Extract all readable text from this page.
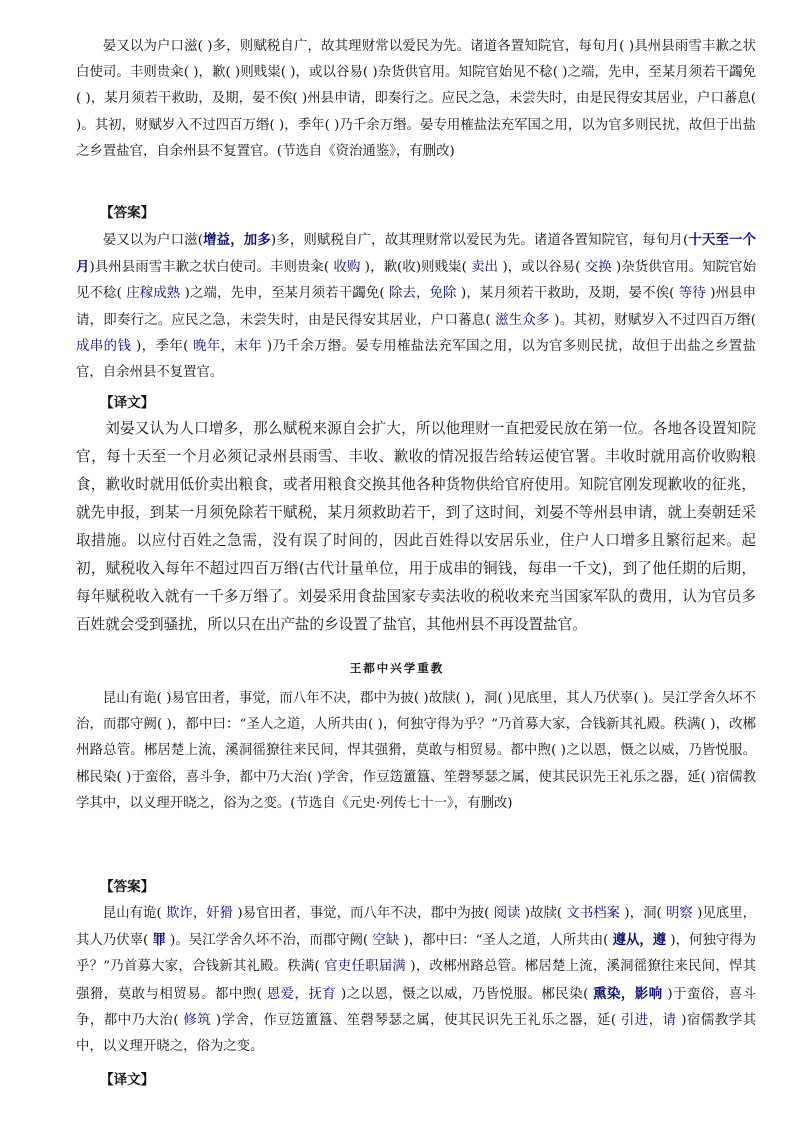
晏又以为户口滋( )多，则赋税自广，故其理财常以爱民为先。诸道各置知院官，每旬月( )具州县雨雪丰歉之状白使司。丰则贵籴( )，歉( )则贱粜( )，或以谷易( )杂货供官用。知院官始见不稔( )之端，先申，至某月须若干蠲免( )，某月须若干救助，及期，晏不俟( )州县申请，即奏行之。应民之急，未尝失时，由是民得安其居业，户口蕃息( )。其初，财赋岁入不过四百万缗( )，季年( )乃千余万缗。晏专用榷盐法充军国之用，以为官多则民扰，故但于出盐之乡置盐官，自余州县不复置官。(节选自《资治通鉴》，有删改)

【答案】

晏又以为户口滋(增益，加多)多，则赋税自广，故其理财常以爱民为先。诸道各置知院官，每旬月(十天至一个月)具州县雨雪丰歉之状白使司。丰则贵籴( 收购 )，歉(收)则贱粜( 卖出 )，或以谷易( 交换 )杂货供官用。知院官始见不稔( 庄稼成熟 )之端，先申，至某月须若干蠲免( 除去，免除 )，某月须若干救助，及期，晏不俟( 等待 )州县申请，即奏行之。应民之急，未尝失时，由是民得安其居业，户口蕃息( 滋生众多 )。其初，财赋岁入不过四百万缗( 成串的钱 )，季年( 晚年，末年 )乃千余万缗。晏专用榷盐法充军国之用，以为官多则民扰，故但于出盐之乡置盐官，自余州县不复置官。

【译文】

刘晏又认为人口增多，那么赋税来源自会扩大，所以他理财一直把爱民放在第一位。各地各设置知院官，每十天至一个月必须记录州县雨雪、丰收、歉收的情况报告给转运使官署。丰收时就用高价收购粮食，歉收时就用低价卖出粮食，或者用粮食交换其他各种货物供给官府使用。知院官刚发现歉收的征兆，就先申报，到某一月须免除若干赋税，某月须救助若干，到了这时间，刘晏不等州县申请，就上奏朝廷采取措施。以应付百姓之急需，没有误了时间的，因此百姓得以安居乐业，住户人口增多且繁衍起来。起初，赋税收入每年不超过四百万缗(古代计量单位，用于成串的铜钱，每串一千文)，到了他任期的后期，每年赋税收入就有一千多万缗了。刘晏采用食盐国家专卖法收的税收来充当国家军队的费用，认为官员多百姓就会受到骚扰，所以只在出产盐的乡设置了盐官，其他州县不再设置盐官。

王都中兴学重教

昆山有诡( )易官田者，事觉，而八年不决，郡中为披( )故牍( )，洞( )见底里，其人乃伏辜( )。吴江学舍久坏不治，而郡守阙( )，都中曰：“圣人之道，人所共由( )，何独守得为乎？”乃首募大家，合钱新其礼殿。秩满( )，改郴州路总管。郴居楚上流，溪洞徭獠往来民间，悍其强猾，莫敢与相贸易。都中煦( )之以恩，慑之以威，乃皆悦服。郴民染( )于蛮俗，喜斗争，都中乃大治( )学舍，作豆笾簠簋、笙磬琴瑟之属，使其民识先王礼乐之器，延( )宿儒教学其中，以义理开晓之，俗为之变。(节选自《元史·列传七十一》，有删改)

【答案】

昆山有诡( 欺诈，奸猾 )易官田者，事觉，而八年不决，郡中为披( 阅读 )故牍( 文书档案 )，洞( 明察 )见底里，其人乃伏辜( 罪 )。吴江学舍久坏不治，而郡守阙( 空缺 )，都中曰：“圣人之道，人所共由( 遵从，遵 )，何独守得为乎？”乃首募大家，合钱新其礼殿。秩满( 官吏任职届满 )，改郴州路总管。郴居楚上流，溪洞徭獠往来民间，悍其强猾，莫敢与相贸易。都中煦( 恩爱，抚育 )之以恩，慑之以威，乃皆悦服。郴民染( 熏染，影响 )于蛮俗，喜斗争，都中乃大治( 修筑 )学舍，作豆笾簠簋、笙磬琴瑟之属，使其民识先王礼乐之器，延( 引进，请 )宿儒教学其中，以义理开晓之，俗为之变。

【译文】
